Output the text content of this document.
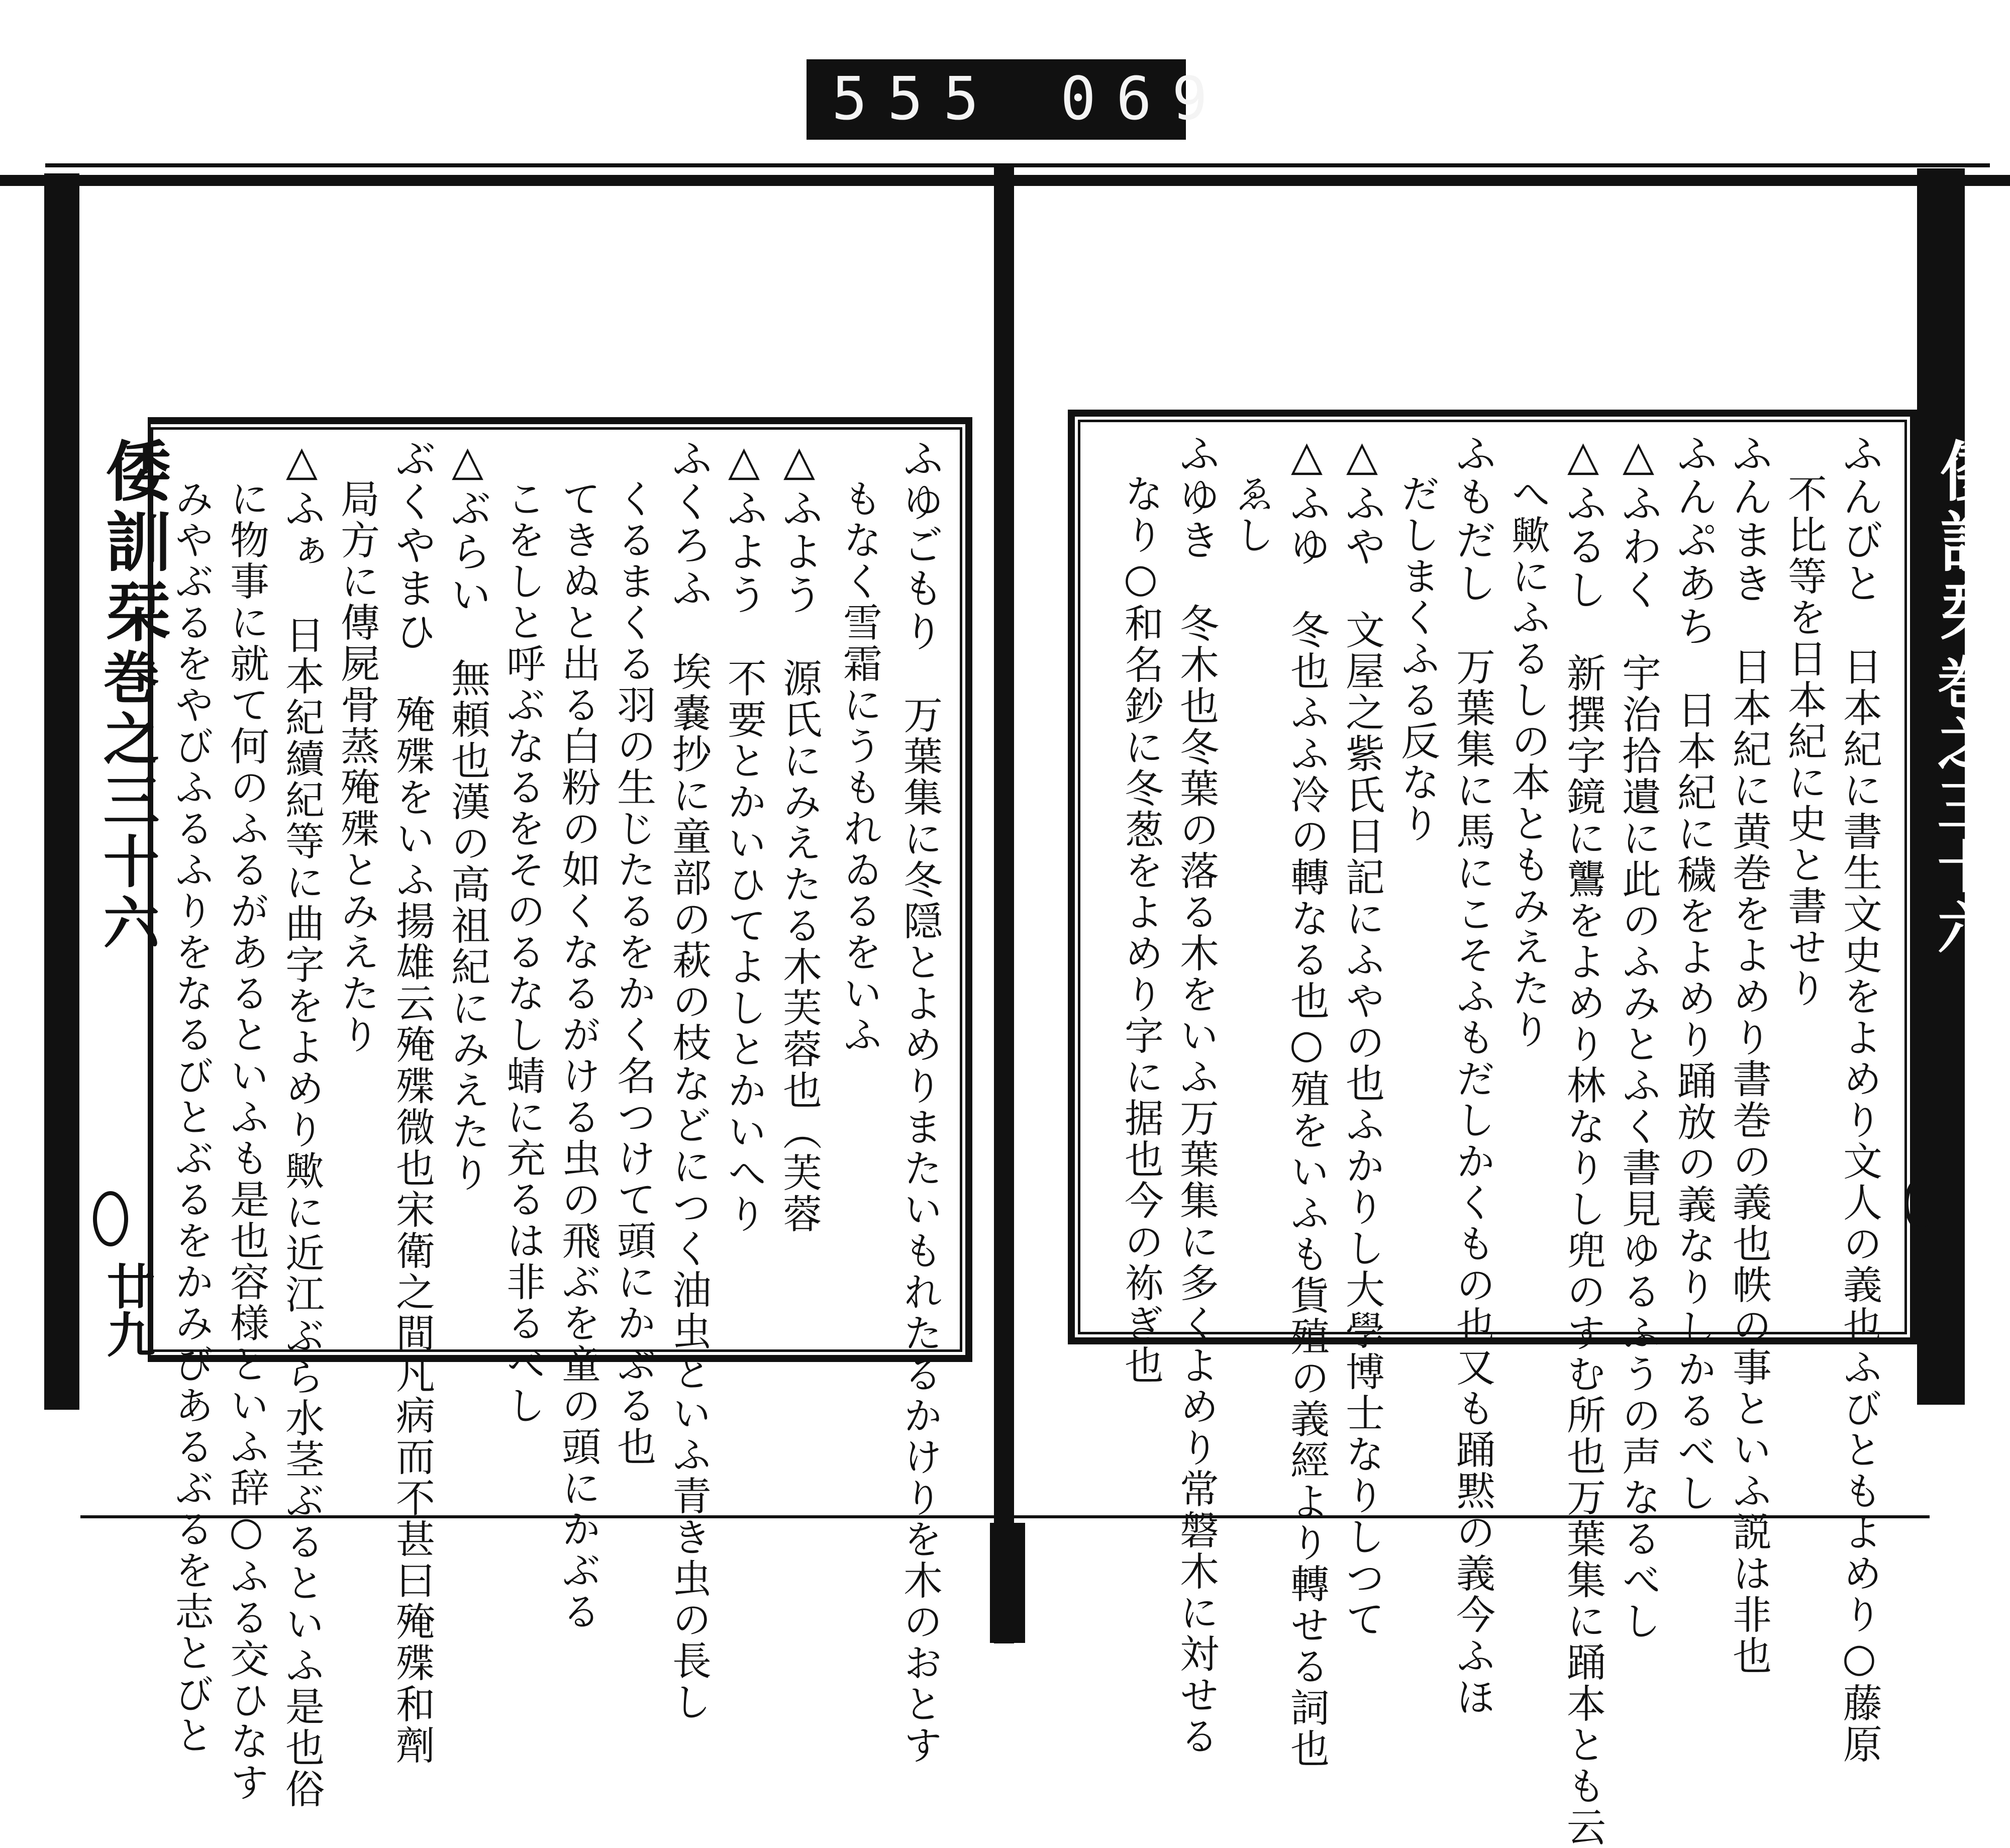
555 069
倭訓栞
巻之三十六
廿九
ふゆごもり　万葉集に冬隠とよめりまたいもれたるかけりを木のおとす
　もなく雪霜にうもれゐるをいふ
△ふよう　源氏にみえたる木芙蓉也（芙蓉
△ふよう　不要とかいひてよしとかいへり
ふくろふ　埃嚢抄に童部の萩の枝などにつく油虫といふ青き虫の長し
　くるまくる羽の生じたるをかく名つけて頭にかぶる也
　てきぬと出る白粉の如くなるがける虫の飛ぶを童の頭にかぶる
　こをしと呼ぶなるをそのるなし蜻に充るは非るべし
△ぶらい　無頼也漢の高祖紀にみえたり
ぶくやまひ　殗殜をいふ揚雄云殗殜微也宋衛之間凡病而不甚曰殗殜和劑
　局方に傳屍骨蒸殗殜とみえたり
△ふぁ　日本紀續紀等に曲字をよめり歟に近江ぶら水茎ぶるといふ是也俗
　に物事に就て何のふるがあるといふも是也容様といふ辞○ふる交ひなす
　みやぶるをやびふるふりをなるびとぶるをかみびあるぶるを志とびと	倭訓栞
巻之三十六
ふんびと　日本紀に書生文史をよめり文人の義也ふびともよめり○藤原
　不比等を日本紀に史と書せり
ふんまき　日本紀に黄巻をよめり書巻の義也帙の事といふ説は非也
ふんぷあち　日本紀に穢をよめり踊放の義なりしかるべし
△ふわく　宇治拾遺に此のふみとふく書見ゆるふうの声なるべし
△ふるし　新撰字鏡に鸗をよめり林なりし兜のすむ所也万葉集に踊本とも云
　へ歟にふるしの本ともみえたり
ふもだし　万葉集に馬にこそふもだしかくもの也又も踊黙の義今ふほ
　だしまくふる反なり
△ふや　文屋之紫氏日記にふやの也ふかりし大學博士なりしつて
△ふゆ　冬也ふふ冷の轉なる也○殖をいふも貨殖の義經より轉せる詞也
　ゑし
ふゆき　冬木也冬葉の落る木をいふ万葉集に多くよめり常磐木に対せる
　なり○和名鈔に冬葱をよめり字に据也今の袮ぎ也
